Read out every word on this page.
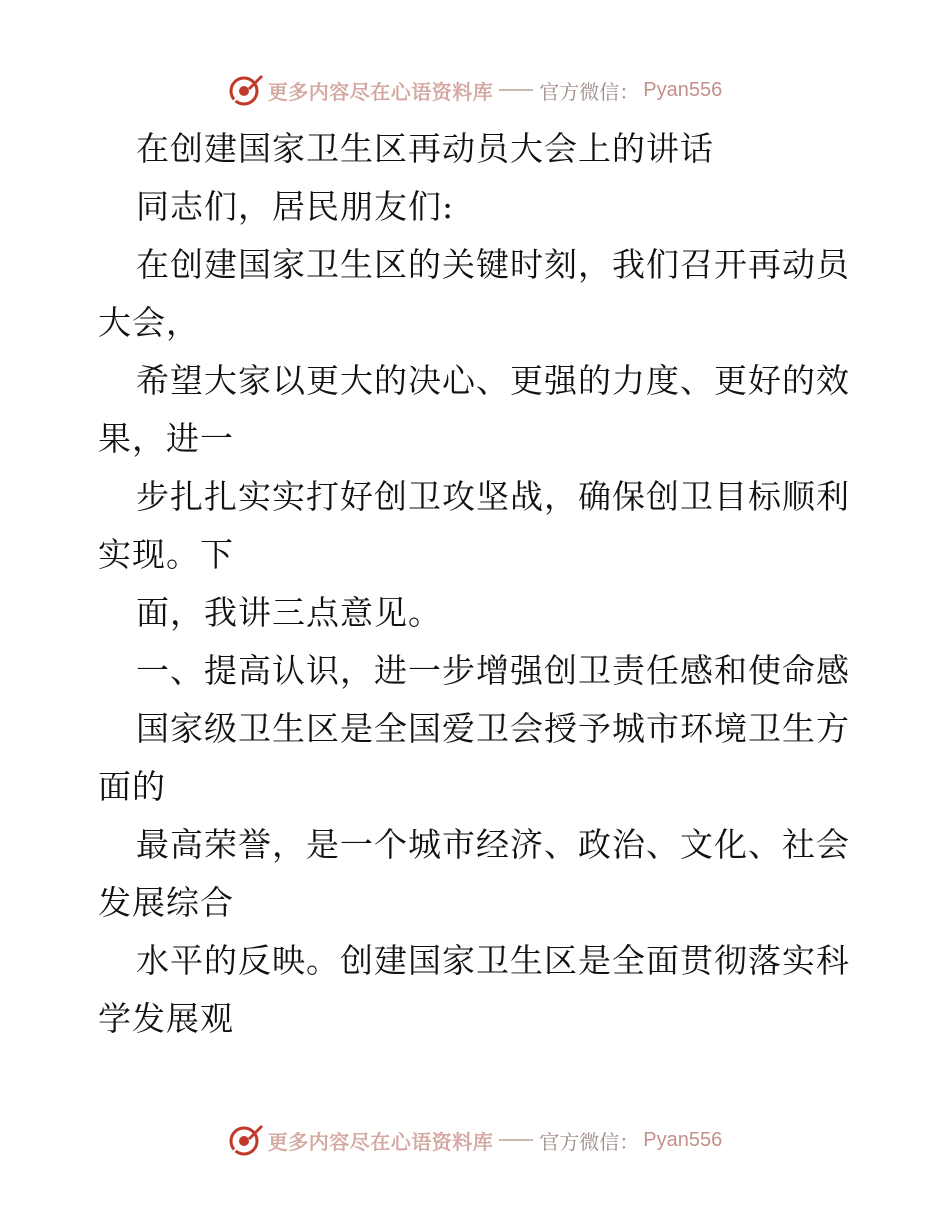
更多内容尽在心语资料库 官方微信： Pyan556
在创建国家卫生区再动员大会上的讲话
同志们，居民朋友们:
在创建国家卫生区的关键时刻，我们召开再动员
大会，
希望大家以更大的决心、更强的力度、更好的效
果，进一
步扎扎实实打好创卫攻坚战，确保创卫目标顺利
实现。下
面，我讲三点意见。
一、提高认识，进一步增强创卫责任感和使命感
国家级卫生区是全国爱卫会授予城市环境卫生方
面的
最高荣誉，是一个城市经济、政治、文化、社会
发展综合
水平的反映。创建国家卫生区是全面贯彻落实科
学发展观
更多内容尽在心语资料库 官方微信： Pyan556
